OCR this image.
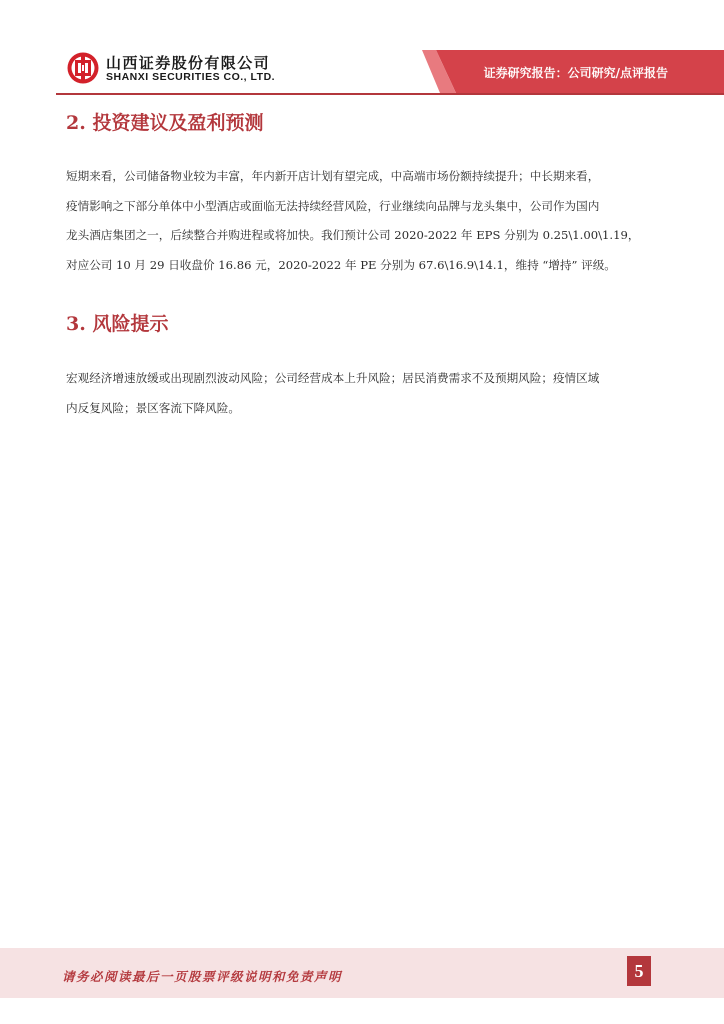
山西证券股份有限公司
SHANXI SECURITIES CO., LTD.	证券研究报告：公司研究/点评报告
2. 投资建议及盈利预测
短期来看，公司储备物业较为丰富，年内新开店计划有望完成，中高端市场份额持续提升；中长期来看，
疫情影响之下部分单体中小型酒店或面临无法持续经营风险，行业继续向品牌与龙头集中，公司作为国内
龙头酒店集团之一，后续整合并购进程或将加快。我们预计公司 2020-2022 年 EPS 分别为 0.25\1.00\1.19，
对应公司 10 月 29 日收盘价 16.86 元，2020-2022 年 PE 分别为 67.6\16.9\14.1，维持 “增持” 评级。
3. 风险提示
宏观经济增速放缓或出现剧烈波动风险；公司经营成本上升风险；居民消费需求不及预期风险；疫情区域
内反复风险；景区客流下降风险。
请务必阅读最后一页股票评级说明和免责声明	5
